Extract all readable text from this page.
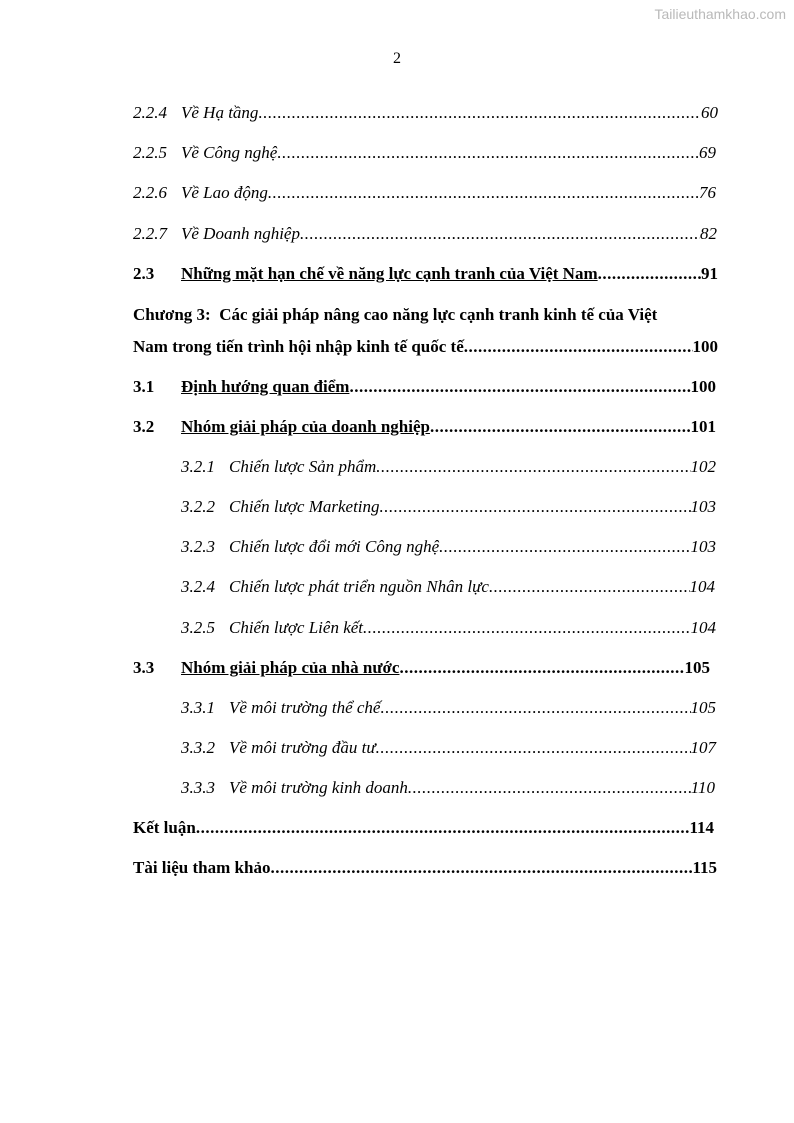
Tailieuthamkhao.com
2
2.2.4 Về Hạ tầng .....	60
2.2.5 Về Công nghệ .....	69
2.2.6 Về Lao động .....	76
2.2.7 Về Doanh nghiệp .....	82
2.3	Những mặt hạn chế về năng lực cạnh tranh của Việt Nam .....	91
Chương 3: Các giải pháp nâng cao năng lực cạnh tranh kinh tế của Việt
Nam trong tiến trình hội nhập kinh tế quốc tế .....	100
3.1	Định hướng quan điểm .....	100
3.2	Nhóm giải pháp của doanh nghiệp .....	101
3.2.1 Chiến lược Sản phẩm .....	102
3.2.2 Chiến lược Marketing .....	103
3.2.3 Chiến lược đổi mới Công nghệ .....	103
3.2.4 Chiến lược phát triển nguồn Nhân lực .....	104
3.2.5 Chiến lược Liên kết .....	104
3.3	Nhóm giải pháp của nhà nước .....	105
3.3.1 Về môi trường thể chế .....	105
3.3.2 Về môi trường đầu tư .....	107
3.3.3 Về môi trường kinh doanh .....	110
Kết luận .....	114
Tài liệu tham khảo .....	115
